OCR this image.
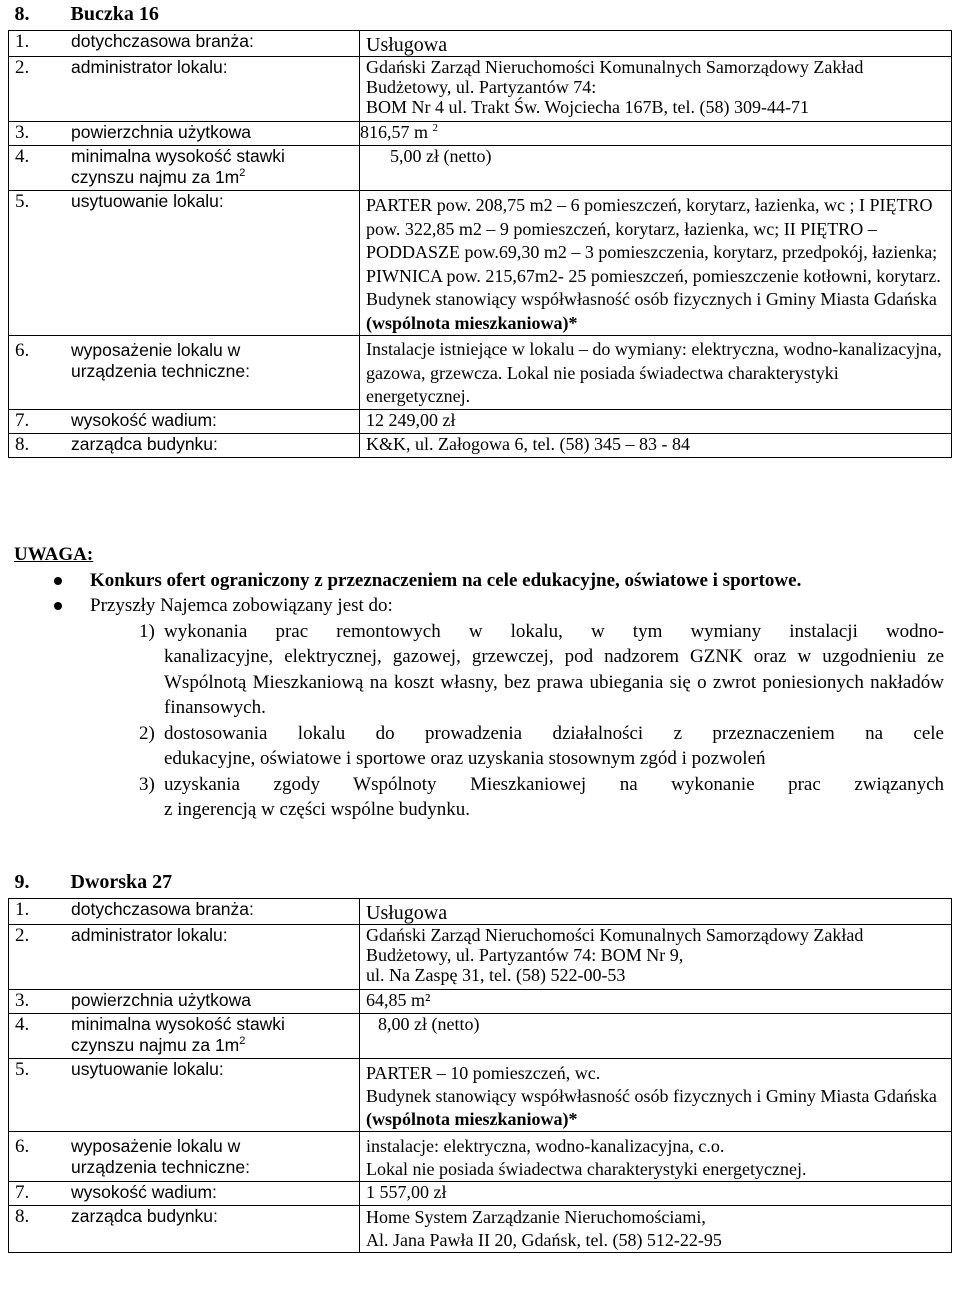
8. Buczka 16	
1. dotychczasowa branża:	Usługowa
2. administrator lokalu:	Gdański Zarząd Nieruchomości Komunalnych Samorządowy Zakład Budżetowy, ul. Partyzantów 74:
BOM Nr 4 ul. Trakt Św. Wojciecha 167B, tel. (58) 309-44-71
3. powierzchnia użytkowa	816,57 m $^2$
4. minimalna wysokość stawki
czynszu najmu za $1m^2$	5,00 zł (netto)
5. usytuowanie lokalu:	PARTER pow. 208,75 m2 – 6 pomieszczeń, korytarz, łazienka, wc ; I PIĘTRO pow. 322,85 m2 – 9 pomieszczeń, korytarz, łazienka, wc; II PIĘTRO –PODDASZE pow.69,30 m2 – 3 pomieszczenia, korytarz, przedpokój, łazienka; PIWNICA pow. 215,67m2- 25 pomieszczeń, pomieszczenie kotłowni, korytarz. Budynek stanowiący współwłasność osób fizycznych i Gminy Miasta Gdańska (wspólnota mieszkaniowa)*
6. wyposażenie lokalu w
urządzenia techniczne:	Instalacje istniejące w lokalu – do wymiany: elektryczna, wodno-kanalizacyjna, gazowa, grzewcza. Lokal nie posiada świadectwa charakterystyki energetycznej.
7. wysokość wadium:	12 249,00 zł
8. zarządca budynku:	K&K, ul. Załogowa 6, tel. (58) 345 – 83 - 84
UWAGA:
Konkurs ofert ograniczony z przeznaczeniem na cele edukacyjne, oświatowe i sportowe.
Przyszły Najemca zobowiązany jest do:
1) wykonania prac remontowych w lokalu, w tym wymiany instalacji wodno-
kanalizacyjne, elektrycznej, gazowej, grzewczej, pod nadzorem GZNK oraz w uzgodnieniu ze Wspólnotą Mieszkaniową na koszt własny, bez prawa ubiegania się o zwrot poniesionych nakładów finansowych.
2) dostosowania lokalu do prowadzenia działalności z przeznaczeniem na cele
edukacyjne, oświatowe i sportowe oraz uzyskania stosownym zgód i pozwoleń
3) uzyskania zgody Wspólnoty Mieszkaniowej na wykonanie prac związanych
z ingerencją w części wspólne budynku.
9. Dworska 27	
1. dotychczasowa branża:	Usługowa
2. administrator lokalu:	Gdański Zarząd Nieruchomości Komunalnych Samorządowy Zakład Budżetowy, ul. Partyzantów 74: BOM Nr 9,
ul. Na Zaspę 31, tel. (58) 522-00-53
3. powierzchnia użytkowa	64,85 m²
4. minimalna wysokość stawki
czynszu najmu za $1m^2$	8,00 zł (netto)
5. usytuowanie lokalu:	PARTER – 10 pomieszczeń, wc.
Budynek stanowiący współwłasność osób fizycznych i Gminy Miasta Gdańska (wspólnota mieszkaniowa)*
6. wyposażenie lokalu w
urządzenia techniczne:	instalacje: elektryczna, wodno-kanalizacyjna, c.o.
Lokal nie posiada świadectwa charakterystyki energetycznej.
7. wysokość wadium:	1 557,00 zł
8. zarządca budynku:	Home System Zarządzanie Nieruchomościami,
Al. Jana Pawła II 20, Gdańsk, tel. (58) 512-22-95
